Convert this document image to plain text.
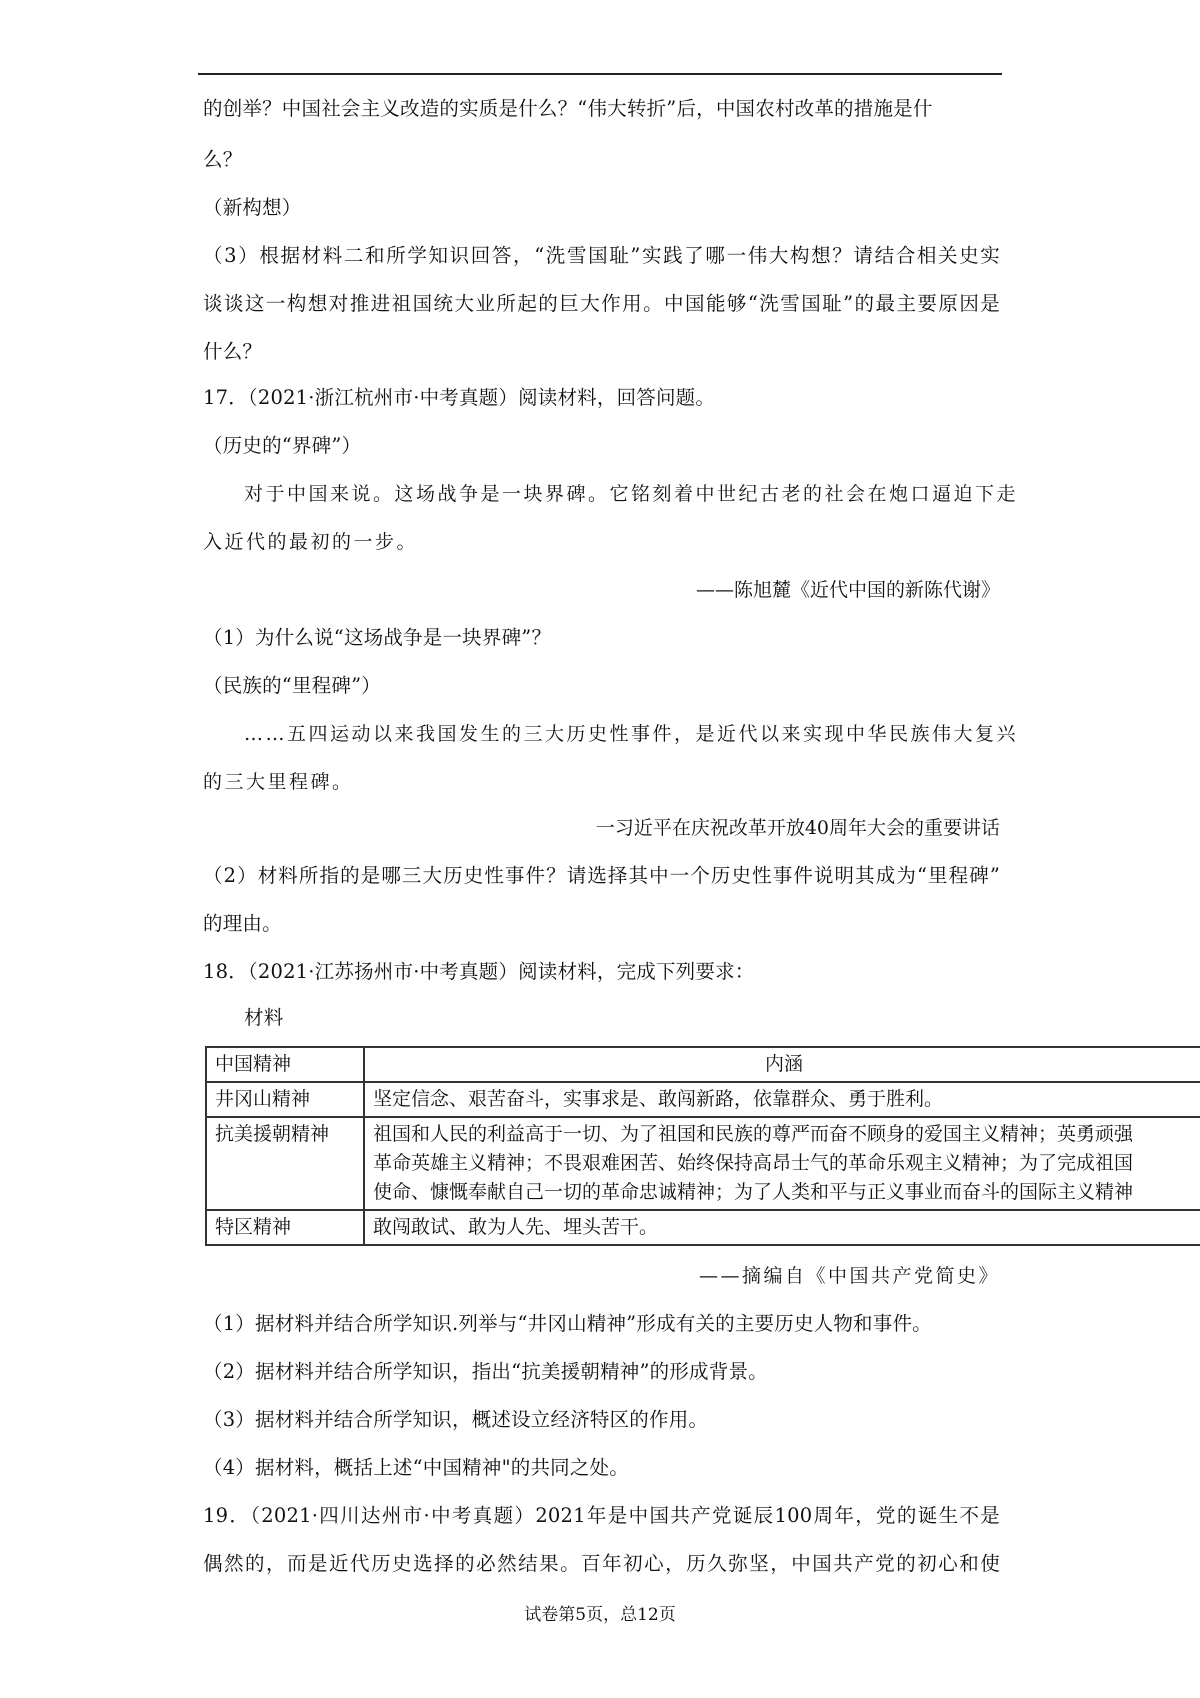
的创举？中国社会主义改造的实质是什么？“伟大转折”后，中国农村改革的措施是什
么？
（新构想）
（3）根据材料二和所学知识回答，“洗雪国耻”实践了哪一伟大构想？请结合相关史实
谈谈这一构想对推进祖国统大业所起的巨大作用。中国能够“洗雪国耻”的最主要原因是
什么？
17．（2021·浙江杭州市·中考真题）阅读材料，回答问题。
（历史的“界碑”）
对于中国来说。这场战争是一块界碑。它铭刻着中世纪古老的社会在炮口逼迫下走
入近代的最初的一步。
——陈旭麓《近代中国的新陈代谢》
（1）为什么说“这场战争是一块界碑”？
（民族的“里程碑”）
……五四运动以来我国发生的三大历史性事件，是近代以来实现中华民族伟大复兴
的三大里程碑。
一习近平在庆祝改革开放40周年大会的重要讲话
（2）材料所指的是哪三大历史性事件？请选择其中一个历史性事件说明其成为“里程碑”
的理由。
18．（2021·江苏扬州市·中考真题）阅读材料，完成下列要求：
材料
中国精神	内涵
井冈山精神	坚定信念、艰苦奋斗，实事求是、敢闯新路，依靠群众、勇于胜利。

抗美援朝精神	祖国和人民的利益高于一切、为了祖国和民族的尊严而奋不顾身的爱国主义精神；英勇顽强
革命英雄主义精神；不畏艰难困苦、始终保持高昂士气的革命乐观主义精神；为了完成祖国
使命、慷慨奉献自己一切的革命忠诚精神；为了人类和平与正义事业而奋斗的国际主义精神

特区精神	敢闯敢试、敢为人先、埋头苦干。
——摘编自《中国共产党简史》
（1）据材料并结合所学知识.列举与“井冈山精神”形成有关的主要历史人物和事件。
（2）据材料并结合所学知识，指出“抗美援朝精神”的形成背景。
（3）据材料并结合所学知识，概述设立经济特区的作用。
（4）据材料，概括上述“中国精神"的共同之处。
19．（2021·四川达州市·中考真题）2021年是中国共产党诞辰100周年，党的诞生不是
偶然的，而是近代历史选择的必然结果。百年初心，历久弥坚，中国共产党的初心和使
试卷第5页，总12页
